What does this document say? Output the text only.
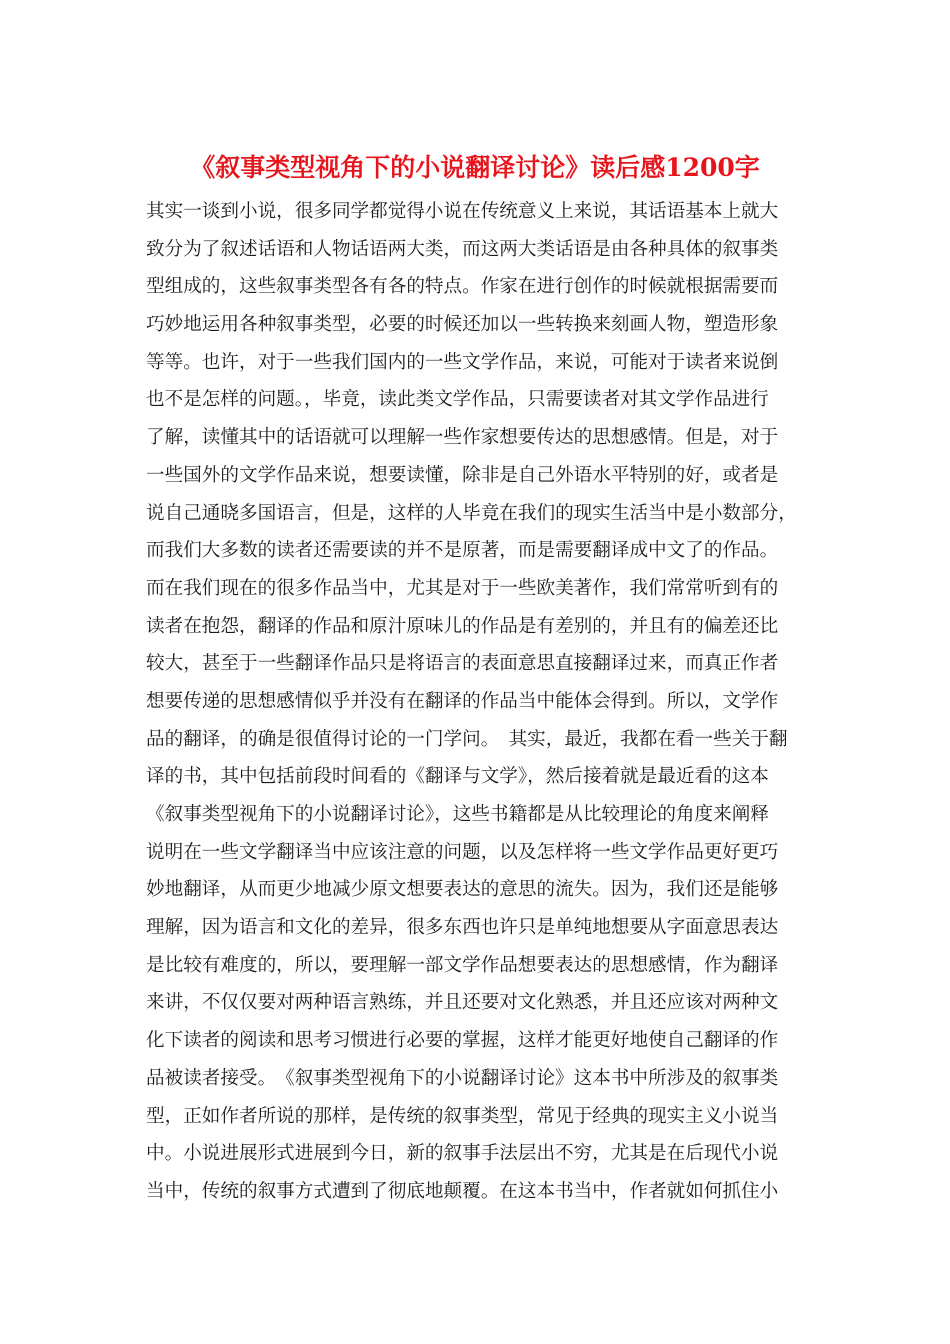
《叙事类型视角下的小说翻译讨论》读后感1200字
其实一谈到小说，很多同学都觉得小说在传统意义上来说，其话语基本上就大
致分为了叙述话语和人物话语两大类，而这两大类话语是由各种具体的叙事类
型组成的，这些叙事类型各有各的特点。作家在进行创作的时候就根据需要而
巧妙地运用各种叙事类型，必要的时候还加以一些转换来刻画人物，塑造形象
等等。也许，对于一些我们国内的一些文学作品，来说，可能对于读者来说倒
也不是怎样的问题。，毕竟，读此类文学作品，只需要读者对其文学作品进行
了解，读懂其中的话语就可以理解一些作家想要传达的思想感情。但是，对于
一些国外的文学作品来说，想要读懂，除非是自己外语水平特别的好，或者是
说自己通晓多国语言，但是，这样的人毕竟在我们的现实生活当中是小数部分，
而我们大多数的读者还需要读的并不是原著，而是需要翻译成中文了的作品。
而在我们现在的很多作品当中，尤其是对于一些欧美著作，我们常常听到有的
读者在抱怨，翻译的作品和原汁原味儿的作品是有差别的，并且有的偏差还比
较大，甚至于一些翻译作品只是将语言的表面意思直接翻译过来，而真正作者
想要传递的思想感情似乎并没有在翻译的作品当中能体会得到。所以，文学作
品的翻译，的确是很值得讨论的一门学问。　其实，最近，我都在看一些关于翻
译的书，其中包括前段时间看的《翻译与文学》，然后接着就是最近看的这本
《叙事类型视角下的小说翻译讨论》，这些书籍都是从比较理论的角度来阐释
说明在一些文学翻译当中应该注意的问题，以及怎样将一些文学作品更好更巧
妙地翻译，从而更少地减少原文想要表达的意思的流失。因为，我们还是能够
理解，因为语言和文化的差异，很多东西也许只是单纯地想要从字面意思表达
是比较有难度的，所以，要理解一部文学作品想要表达的思想感情，作为翻译
来讲，不仅仅要对两种语言熟练，并且还要对文化熟悉，并且还应该对两种文
化下读者的阅读和思考习惯进行必要的掌握，这样才能更好地使自己翻译的作
品被读者接受。　《叙事类型视角下的小说翻译讨论》这本书中所涉及的叙事类
型，正如作者所说的那样，是传统的叙事类型，常见于经典的现实主义小说当
中。小说进展形式进展到今日，新的叙事手法层出不穷，尤其是在后现代小说
当中，传统的叙事方式遭到了彻底地颠覆。在这本书当中，作者就如何抓住小
